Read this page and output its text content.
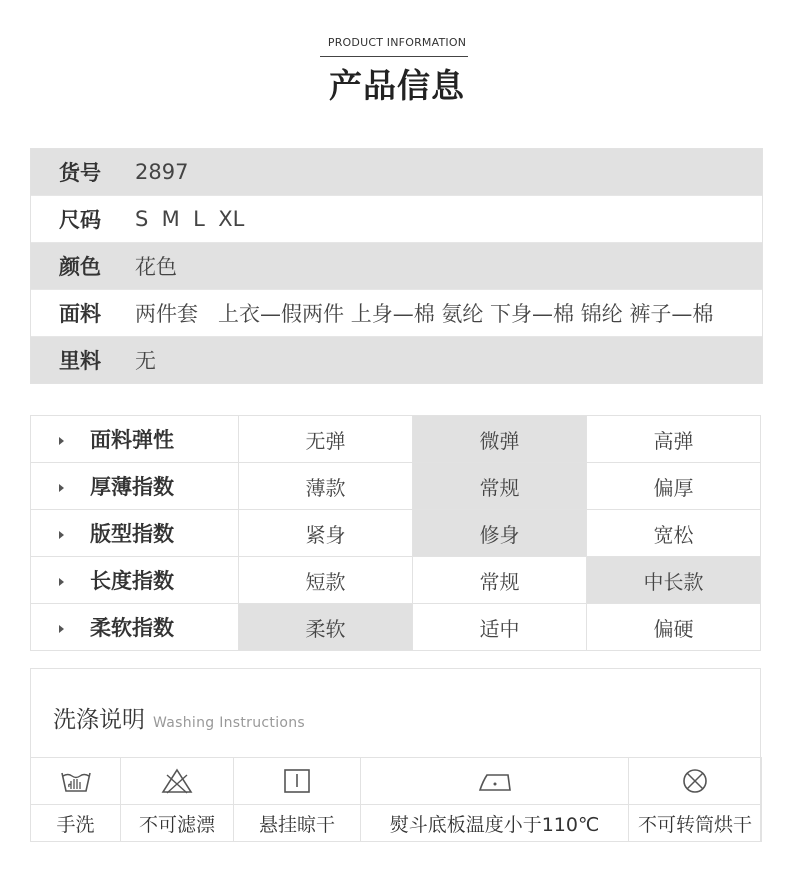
PRODUCT INFORMATION
产品信息
货号	2897
尺码	S  M  L  XL
颜色	花色
面料	两件套   上衣—假两件 上身—棉 氨纶 下身—棉 锦纶 裤子—棉
里料	无
面料弹性	无弹	微弹	高弹
厚薄指数	薄款	常规	偏厚
版型指数	紧身	修身	宽松
长度指数	短款	常规	中长款
柔软指数	柔软	适中	偏硬
洗涤说明 Washing Instructions

手洗	不可滤漂	悬挂晾干	熨斗底板温度小于110℃	不可转筒烘干
